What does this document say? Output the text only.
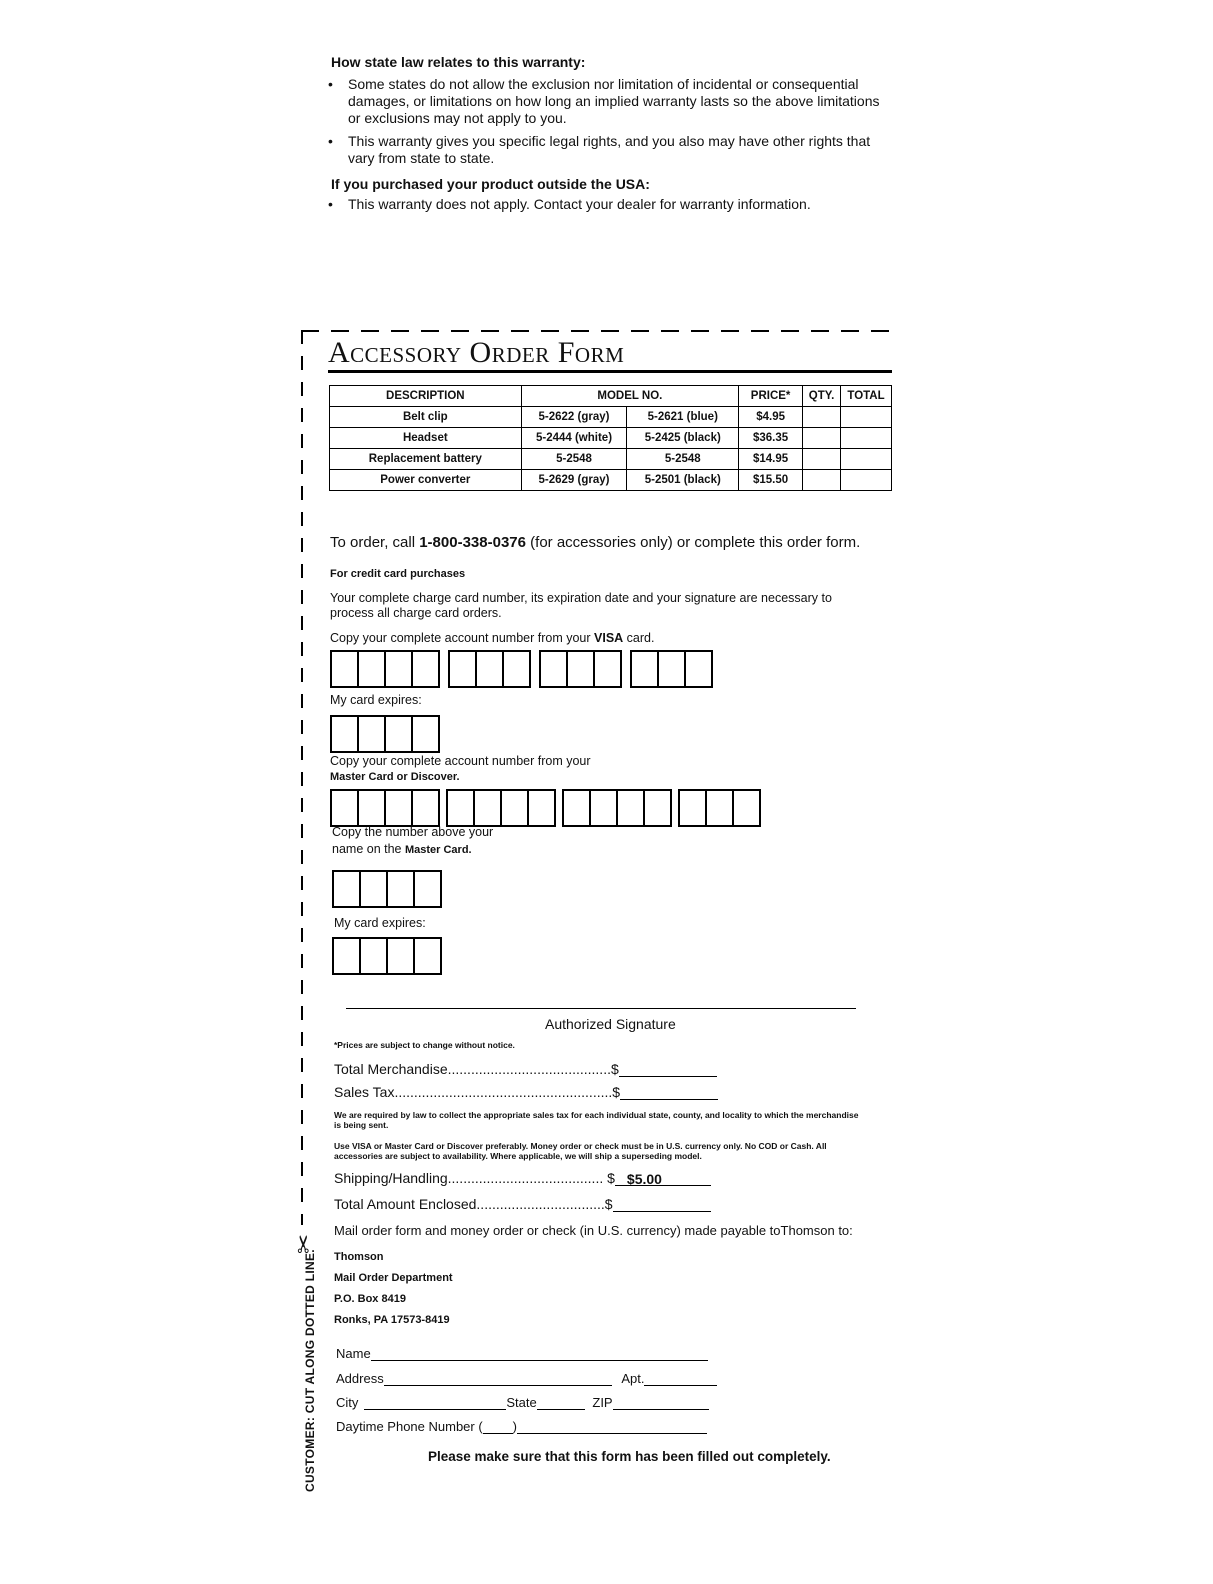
How state law relates to this warranty:
• Some states do not allow the exclusion nor limitation of incidental or consequential damages, or limitations on how long an implied warranty lasts so the above limitations or exclusions may not apply to you.
• This warranty gives you specific legal rights, and you also may have other rights that vary from state to state.
If you purchased your product outside the USA:
• This warranty does not apply. Contact your dealer for warranty information.
✂
CUSTOMER: CUT ALONG DOTTED LINE.
Accessory Order Form
DESCRIPTION	MODEL NO.		PRICE*	QTY.	TOTAL
Belt clip	5-2622 (gray)	5-2621 (blue)	$4.95		
Headset	5-2444 (white)	5-2425 (black)	$36.35		
Replacement battery	5-2548	5-2548	$14.95		
Power converter	5-2629 (gray)	5-2501 (black)	$15.50		
To order, call 1-800-338-0376 (for accessories only) or complete this order form.
For credit card purchases
Your complete charge card number, its expiration date and your signature are necessary to process all charge card orders.
Copy your complete account number from your VISA card.
My card expires:
Copy your complete account number from your
Master Card or Discover.
Copy the number above your
name on the Master Card.
My card expires:
Authorized Signature
*Prices are subject to change without notice.
Total Merchandise..........................................$
Sales Tax........................................................$
We are required by law to collect the appropriate sales tax for each individual state, county, and locality to which the merchandise is being sent.
Use VISA or Master Card or Discover preferably. Money order or check must be in U.S. currency only. No COD or Cash. All accessories are subject to availability. Where applicable, we will ship a superseding model.
Shipping/Handling........................................ $ $5.00
Total Amount Enclosed.................................$
Mail order form and money order or check (in U.S. currency) made payable toThomson to:
Thomson
Mail Order Department
P.O. Box 8419
Ronks, PA 17573-8419
Name
Address	Apt.
City	State	ZIP
Daytime Phone Number ( )
Please make sure that this form has been filled out completely.
